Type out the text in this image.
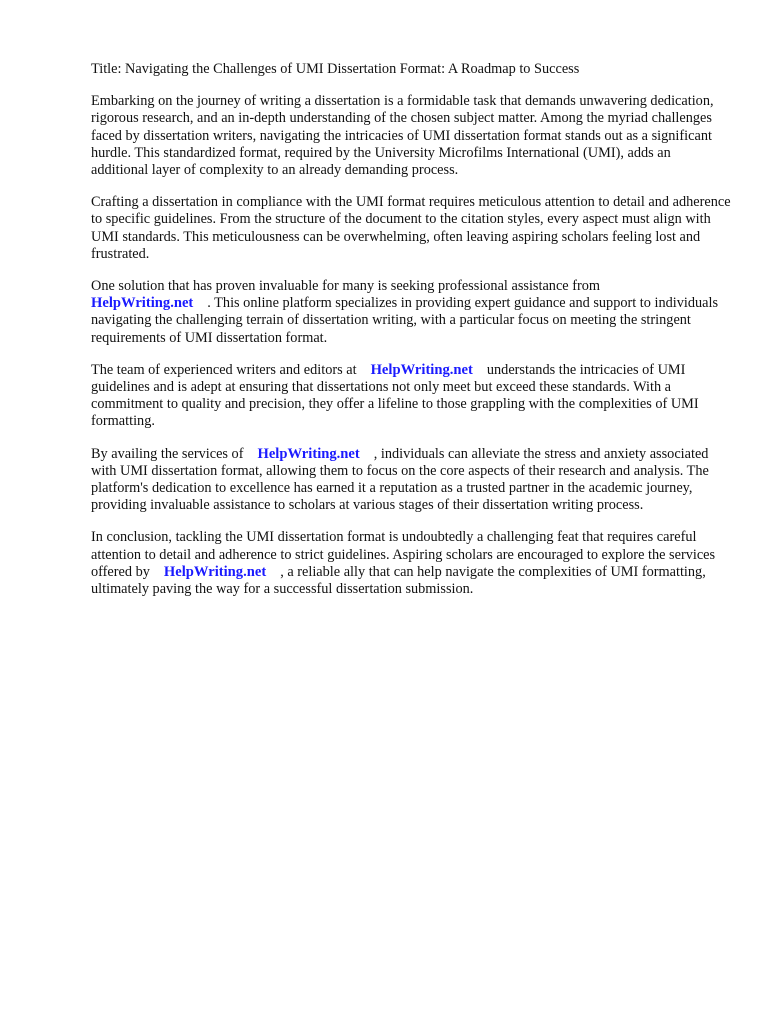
Title: Navigating the Challenges of UMI Dissertation Format: A Roadmap to Success

Embarking on the journey of writing a dissertation is a formidable task that demands unwavering dedication, rigorous research, and an in-depth understanding of the chosen subject matter. Among the myriad challenges faced by dissertation writers, navigating the intricacies of UMI dissertation format stands out as a significant hurdle. This standardized format, required by the University Microfilms International (UMI), adds an additional layer of complexity to an already demanding process.

Crafting a dissertation in compliance with the UMI format requires meticulous attention to detail and adherence to specific guidelines. From the structure of the document to the citation styles, every aspect must align with UMI standards. This meticulousness can be overwhelming, often leaving aspiring scholars feeling lost and frustrated.

One solution that has proven invaluable for many is seeking professional assistance from
HelpWriting.net . This online platform specializes in providing expert guidance and support to individuals navigating the challenging terrain of dissertation writing, with a particular focus on meeting the stringent requirements of UMI dissertation format.

The team of experienced writers and editors at HelpWriting.net understands the intricacies of UMI guidelines and is adept at ensuring that dissertations not only meet but exceed these standards. With a commitment to quality and precision, they offer a lifeline to those grappling with the complexities of UMI formatting.

By availing the services of HelpWriting.net , individuals can alleviate the stress and anxiety associated with UMI dissertation format, allowing them to focus on the core aspects of their research and analysis. The platform's dedication to excellence has earned it a reputation as a trusted partner in the academic journey, providing invaluable assistance to scholars at various stages of their dissertation writing process.

In conclusion, tackling the UMI dissertation format is undoubtedly a challenging feat that requires careful attention to detail and adherence to strict guidelines. Aspiring scholars are encouraged to explore the services offered by HelpWriting.net , a reliable ally that can help navigate the complexities of UMI formatting, ultimately paving the way for a successful dissertation submission.
